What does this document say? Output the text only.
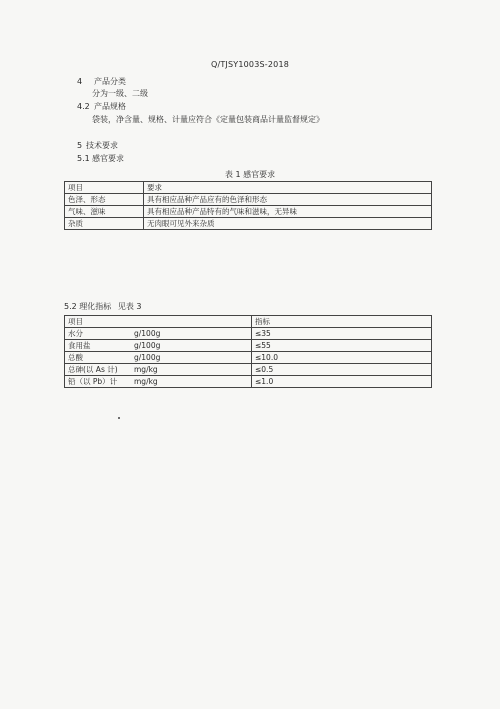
Q/TJSY1003S-2018
4 产品分类
分为一级、二级
4.2 产品规格
袋装，净含量、规格、计量应符合《定量包装商品计量监督规定》
5 技术要求
5.1 感官要求
表 1 感官要求
项目	要求
色泽、形态	具有相应品种产品应有的色泽和形态
气味、滋味	具有相应品种产品特有的气味和滋味，无异味
杂质	无肉眼可见外来杂质
5.2 理化指标 见表 3
项目	指标
水分 g/100g	≤35
食用盐 g/100g	≤55
总酸 g/100g	≤10.0
总砷(以 As 计) mg/kg	≤0.5
铅（以 Pb）计 mg/kg	≤1.0
